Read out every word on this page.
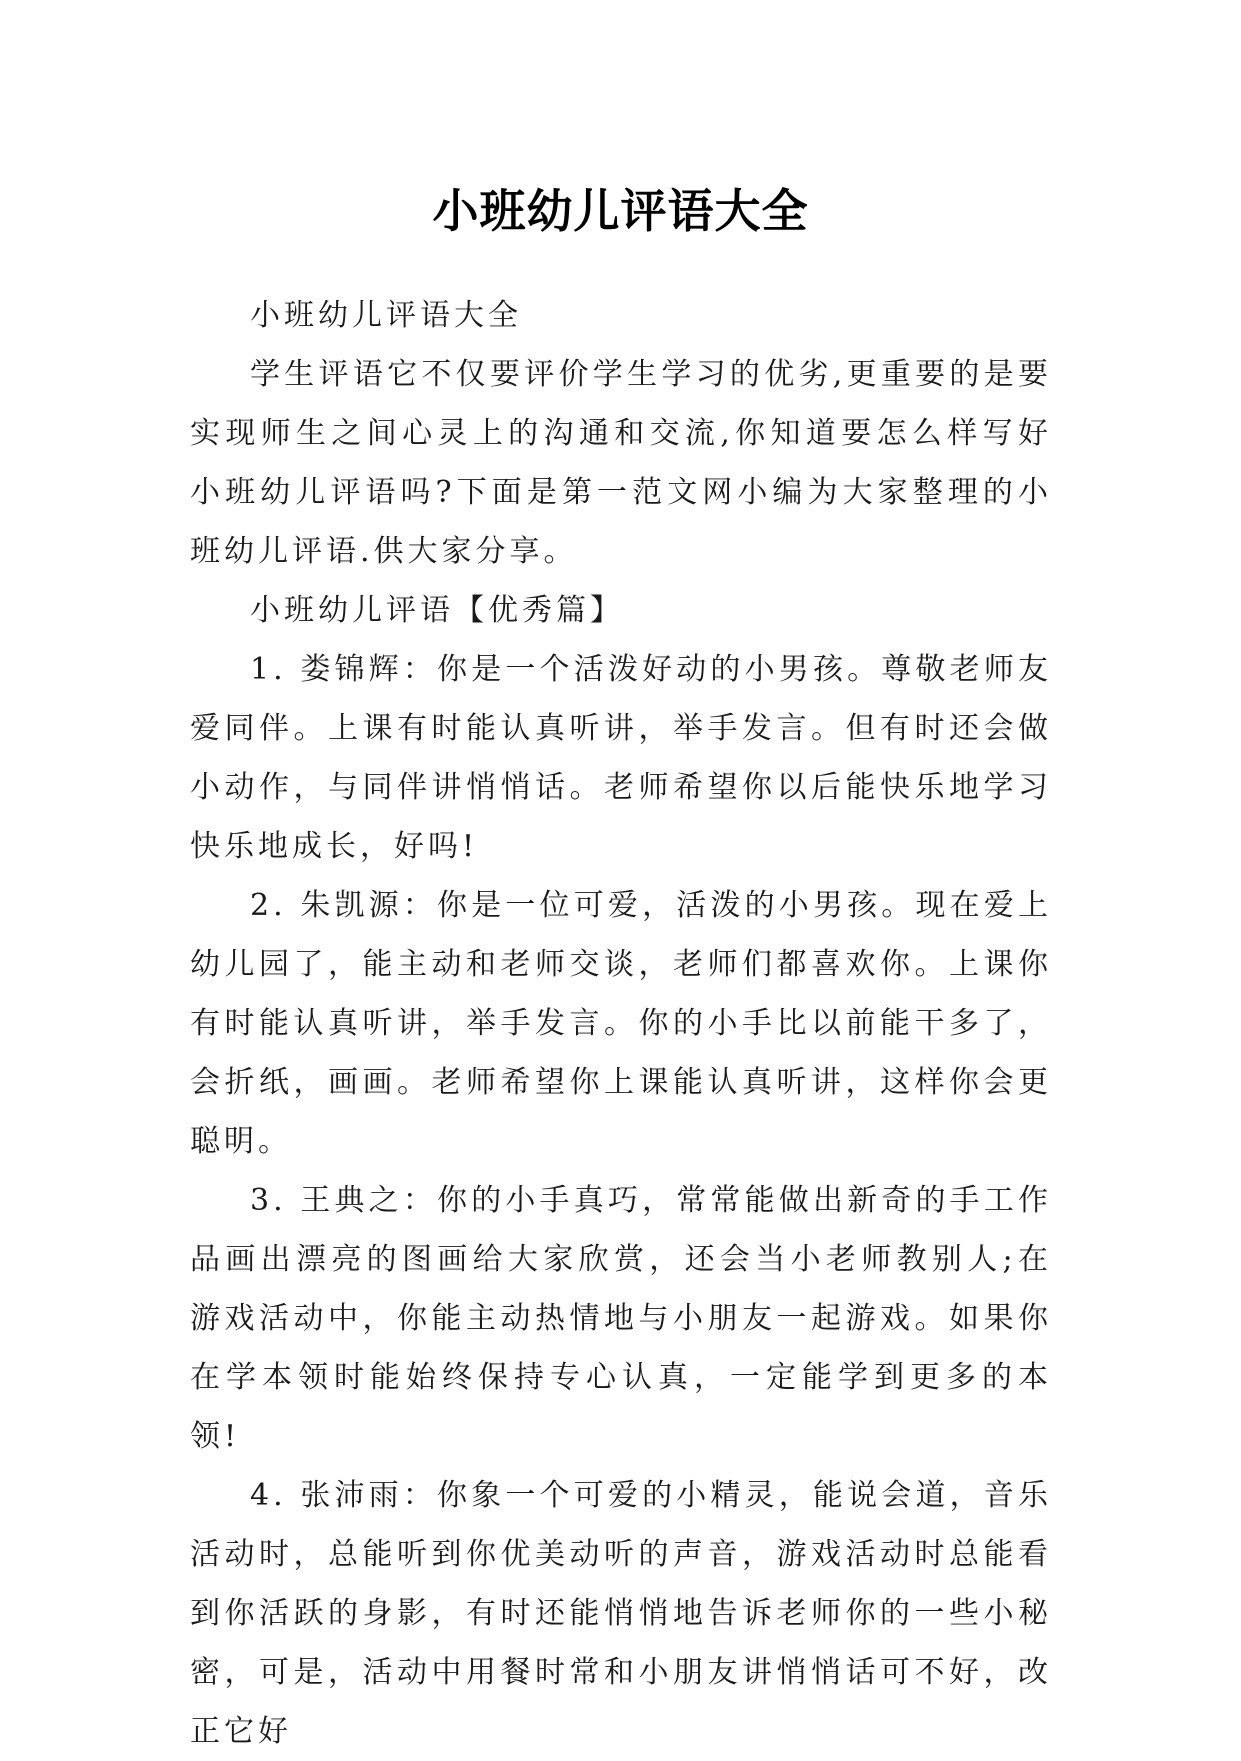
小班幼儿评语大全

小班幼儿评语大全

学生评语它不仅要评价学生学习的优劣,更重要的是要实现师生之间心灵上的沟通和交流,你知道要怎么样写好小班幼儿评语吗?下面是第一范文网小编为大家整理的小班幼儿评语.供大家分享。

小班幼儿评语【优秀篇】

1. 娄锦辉：你是一个活泼好动的小男孩。尊敬老师友爱同伴。上课有时能认真听讲，举手发言。但有时还会做小动作，与同伴讲悄悄话。老师希望你以后能快乐地学习快乐地成长，好吗!

2. 朱凯源：你是一位可爱，活泼的小男孩。现在爱上幼儿园了，能主动和老师交谈，老师们都喜欢你。上课你有时能认真听讲，举手发言。你的小手比以前能干多了，会折纸，画画。老师希望你上课能认真听讲，这样你会更聪明。

3. 王典之：你的小手真巧，常常能做出新奇的手工作品画出漂亮的图画给大家欣赏，还会当小老师教别人;在游戏活动中，你能主动热情地与小朋友一起游戏。如果你在学本领时能始终保持专心认真，一定能学到更多的本领!

4. 张沛雨：你象一个可爱的小精灵，能说会道，音乐活动时，总能听到你优美动听的声音，游戏活动时总能看到你活跃的身影，有时还能悄悄地告诉老师你的一些小秘密，可是，活动中用餐时常和小朋友讲悄悄话可不好，改正它好
